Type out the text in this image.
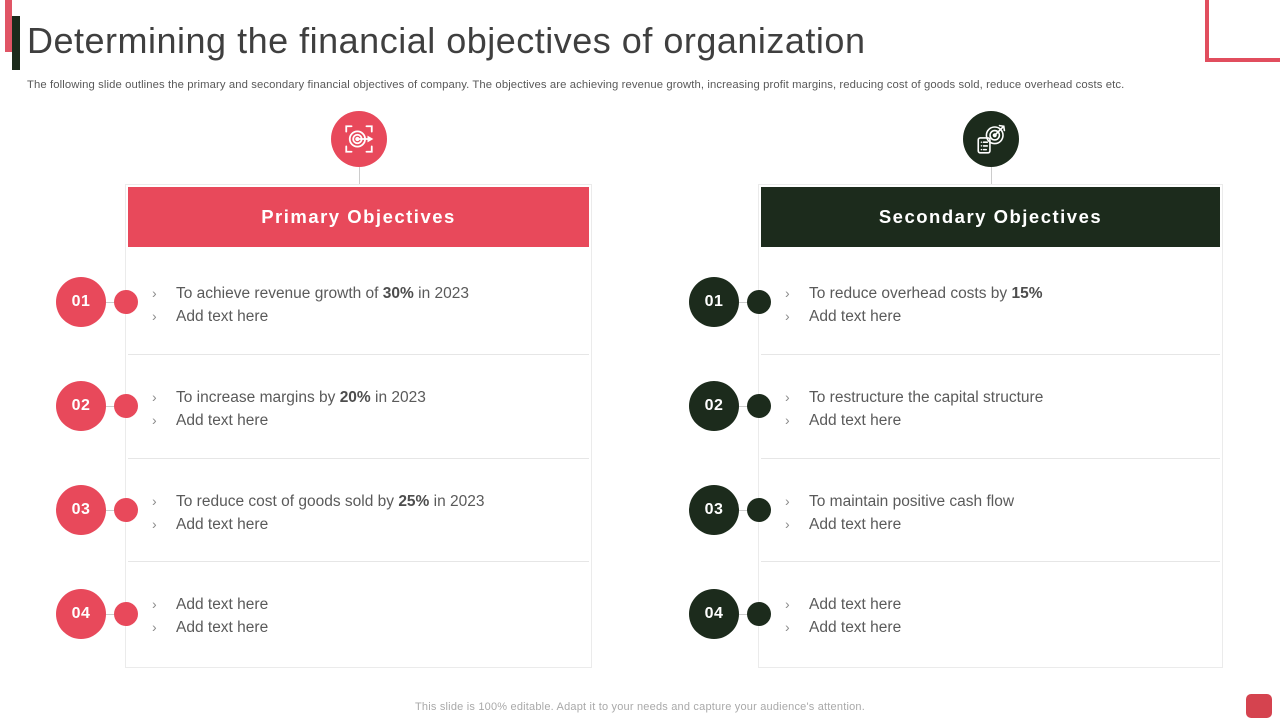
Determining the financial objectives of organization

The following slide outlines the primary and secondary financial objectives of company. The objectives are achieving revenue growth, increasing profit margins, reducing cost of goods sold, reduce overhead costs etc.

Primary Objectives
01
›	To achieve revenue growth of 30% in 2023
›	Add text here
02
›	To increase margins by 20% in 2023
›	Add text here
03
›	To reduce cost of goods sold by 25% in 2023
›	Add text here
04
›	Add text here
›	Add text here
Secondary Objectives
01
›	To reduce overhead costs by 15%
›	Add text here
02
›	To restructure the capital structure
›	Add text here
03
›	To maintain positive cash flow
›	Add text here
04
›	Add text here
›	Add text here
This slide is 100% editable. Adapt it to your needs and capture your audience's attention.
